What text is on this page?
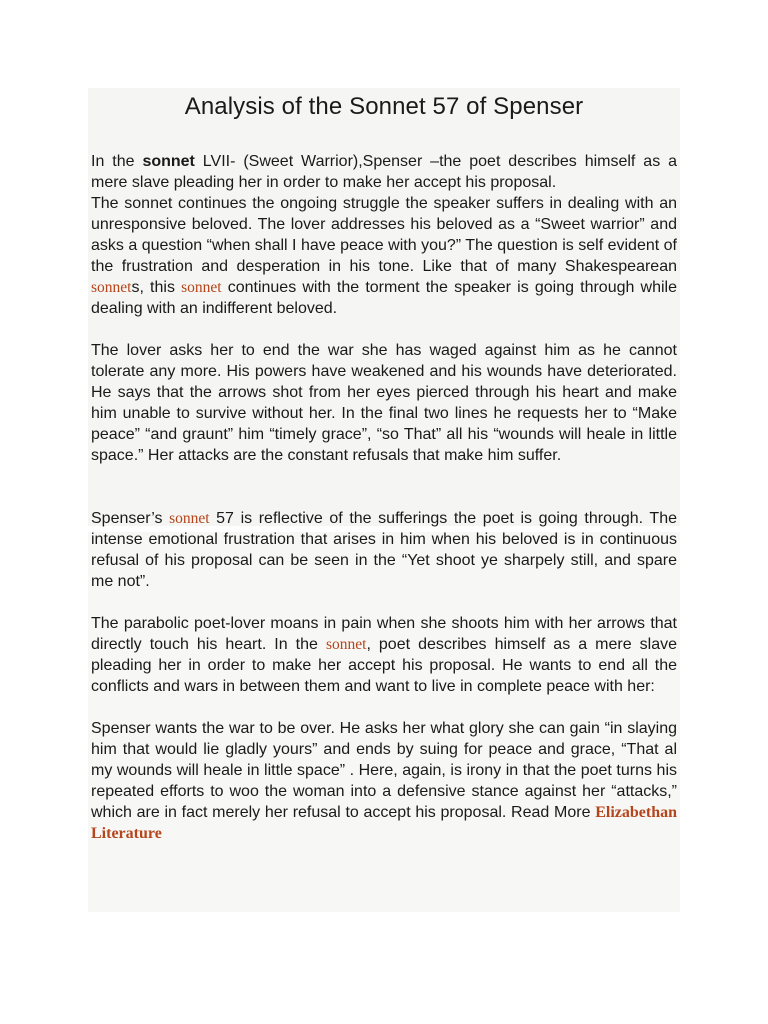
Analysis of the Sonnet 57 of Spenser

In the sonnet LVII- (Sweet Warrior),Spenser –the poet describes himself as a mere slave pleading her in order to make her accept his proposal.

The sonnet continues the ongoing struggle the speaker suffers in dealing with an unresponsive beloved. The lover addresses his beloved as a “Sweet warrior” and asks a question “when shall I have peace with you?” The question is self evident of the frustration and desperation in his tone. Like that of many Shakespearean sonnets, this sonnet continues with the torment the speaker is going through while dealing with an indifferent beloved.

The lover asks her to end the war she has waged against him as he cannot tolerate any more. His powers have weakened and his wounds have deteriorated. He says that the arrows shot from her eyes pierced through his heart and make him unable to survive without her. In the final two lines he requests her to “Make peace” “and graunt” him “timely grace”, “so That” all his “wounds will heale in little space.” Her attacks are the constant refusals that make him suffer.

Spenser’s sonnet 57 is reflective of the sufferings the poet is going through. The intense emotional frustration that arises in him when his beloved is in continuous refusal of his proposal can be seen in the “Yet shoot ye sharpely still, and spare me not”.

The parabolic poet-lover moans in pain when she shoots him with her arrows that directly touch his heart. In the sonnet, poet describes himself as a mere slave pleading her in order to make her accept his proposal. He wants to end all the conflicts and wars in between them and want to live in complete peace with her:

Spenser wants the war to be over. He asks her what glory she can gain “in slaying him that would lie gladly yours” and ends by suing for peace and grace, “That al my wounds will heale in little space” . Here, again, is irony in that the poet turns his repeated efforts to woo the woman into a defensive stance against her “attacks,” which are in fact merely her refusal to accept his proposal. Read More Elizabethan Literature
